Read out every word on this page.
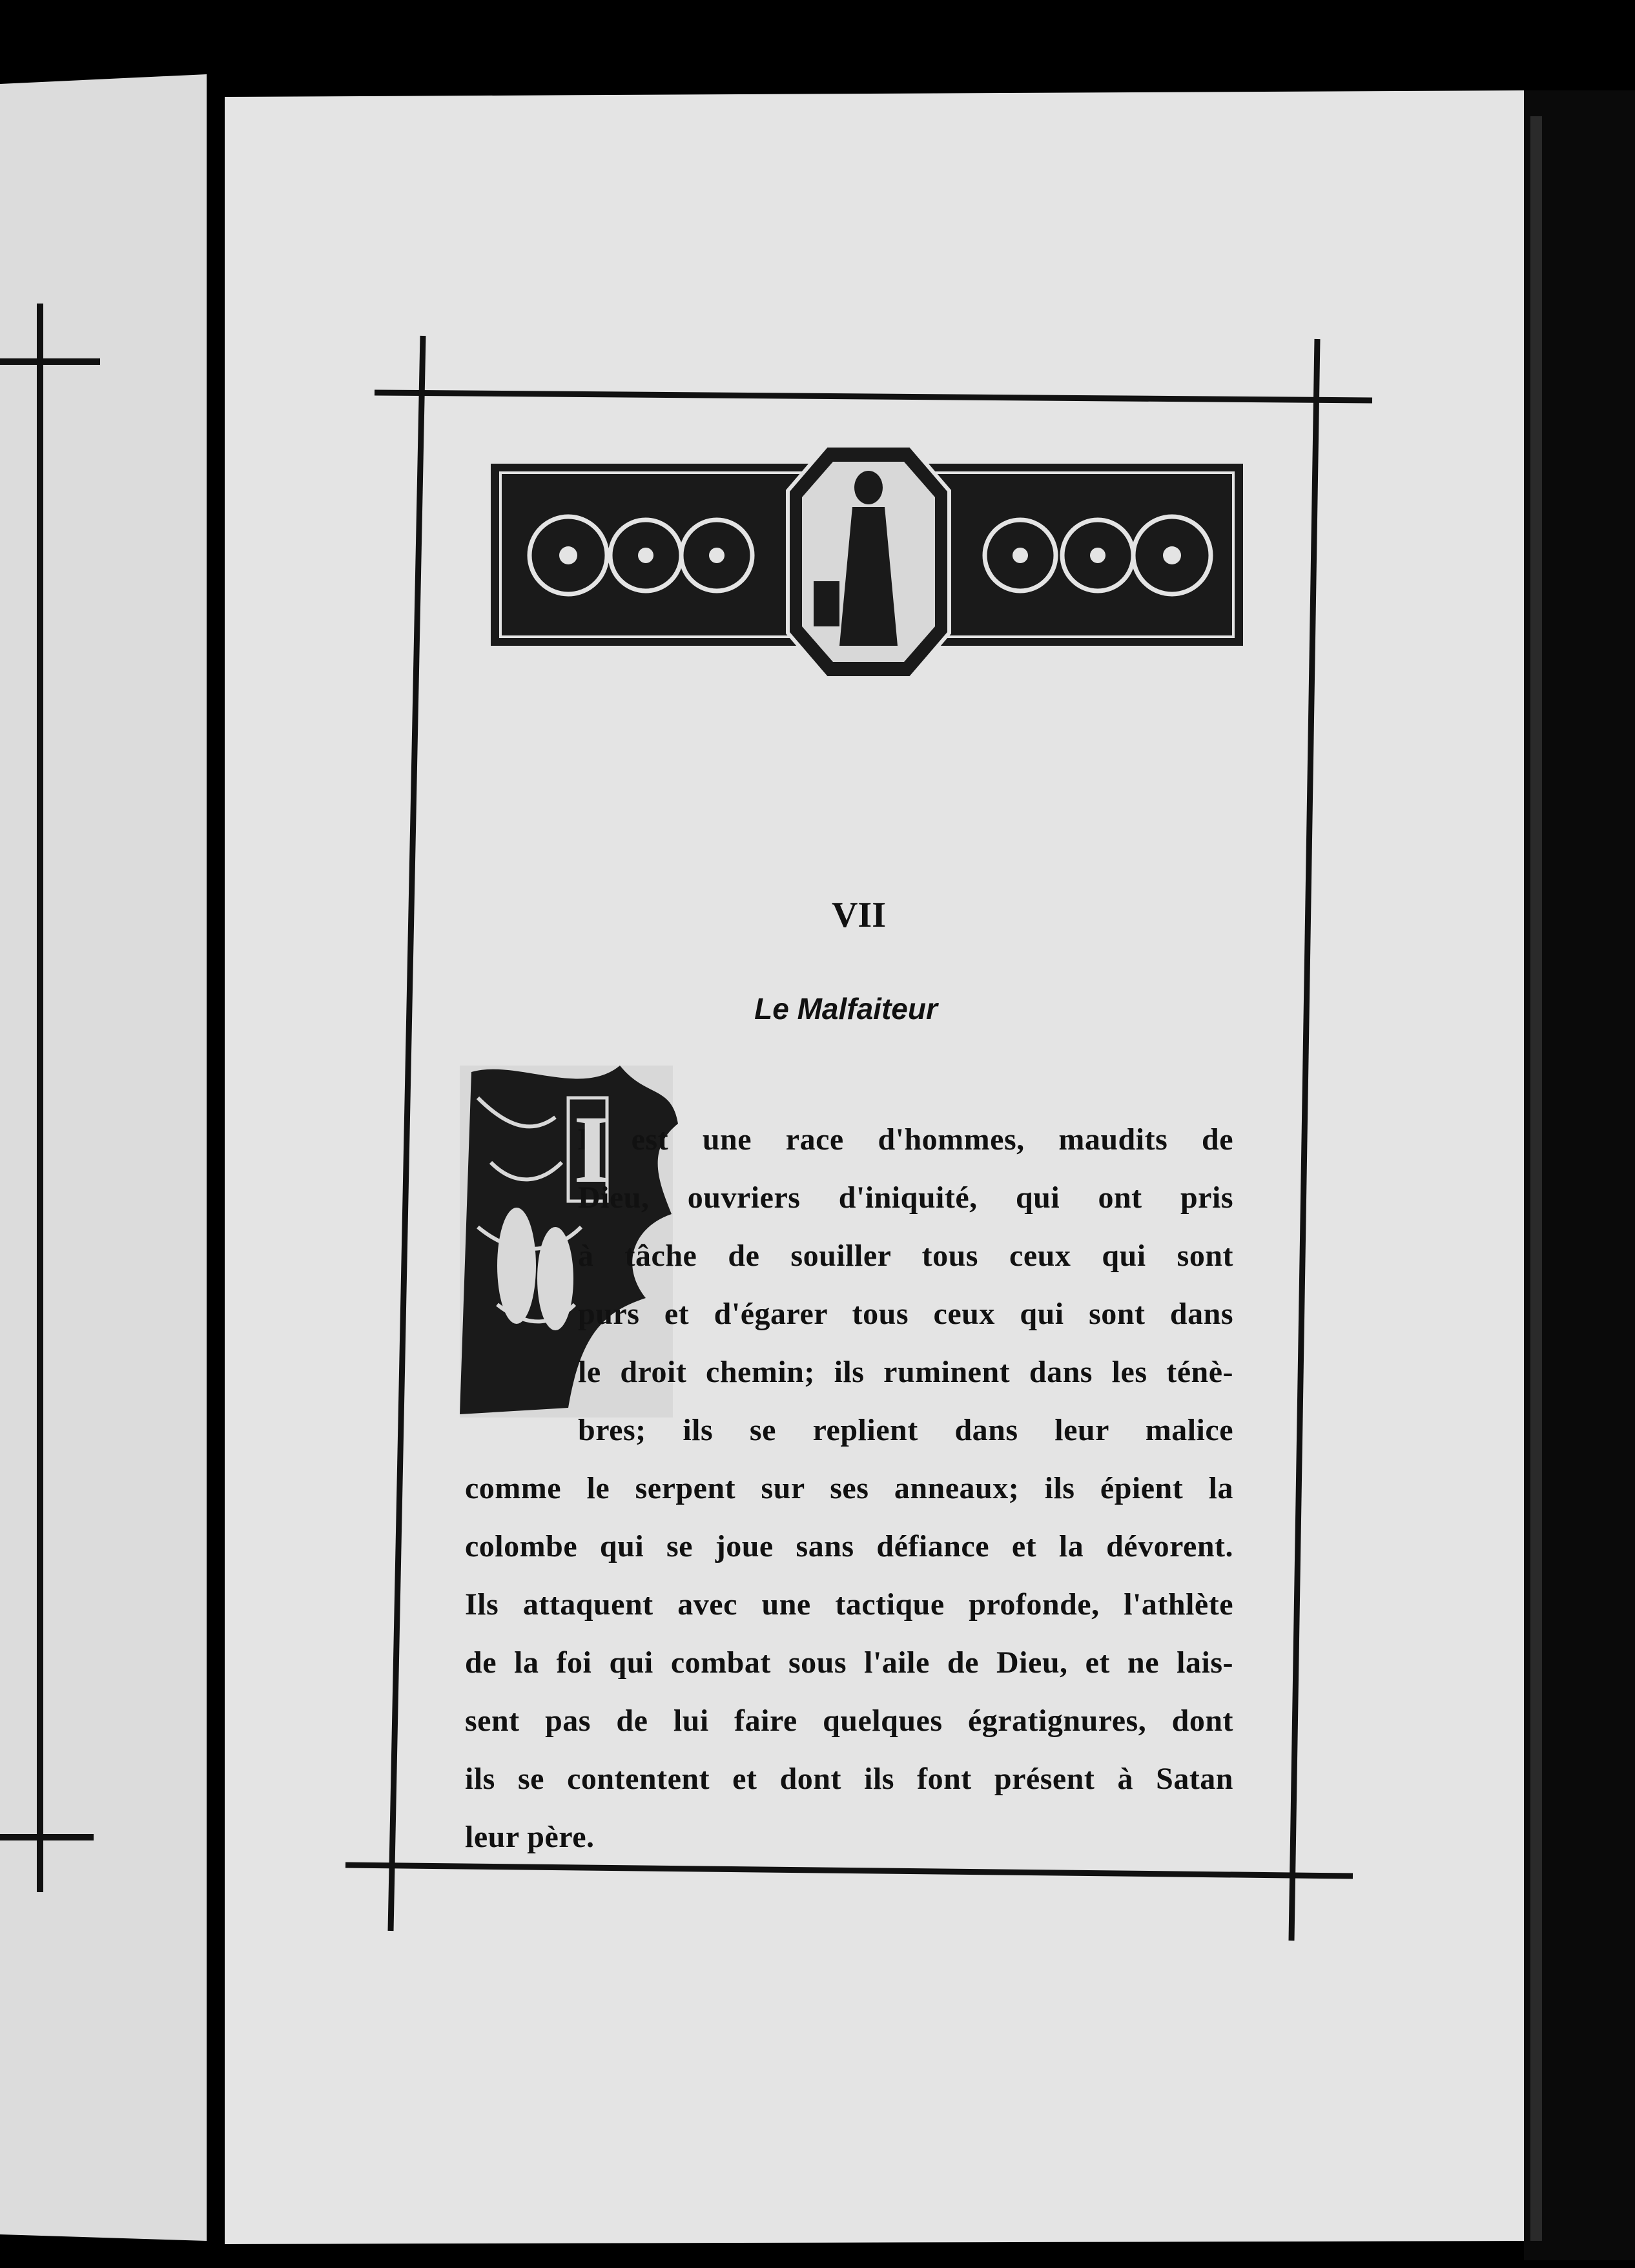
VII
Le Malfaiteur
L est une race d'hommes, maudits de
Dieu, ouvriers d'iniquité, qui ont pris
à tâche de souiller tous ceux qui sont
purs et d'égarer tous ceux qui sont dans
le droit chemin; ils ruminent dans les ténè-
bres; ils se replient dans leur malice
comme le serpent sur ses anneaux; ils épient la
colombe qui se joue sans défiance et la dévorent.
Ils attaquent avec une tactique profonde, l'athlète
de la foi qui combat sous l'aile de Dieu, et ne lais-
sent pas de lui faire quelques égratignures, dont
ils se contentent et dont ils font présent à Satan
leur père.
I
